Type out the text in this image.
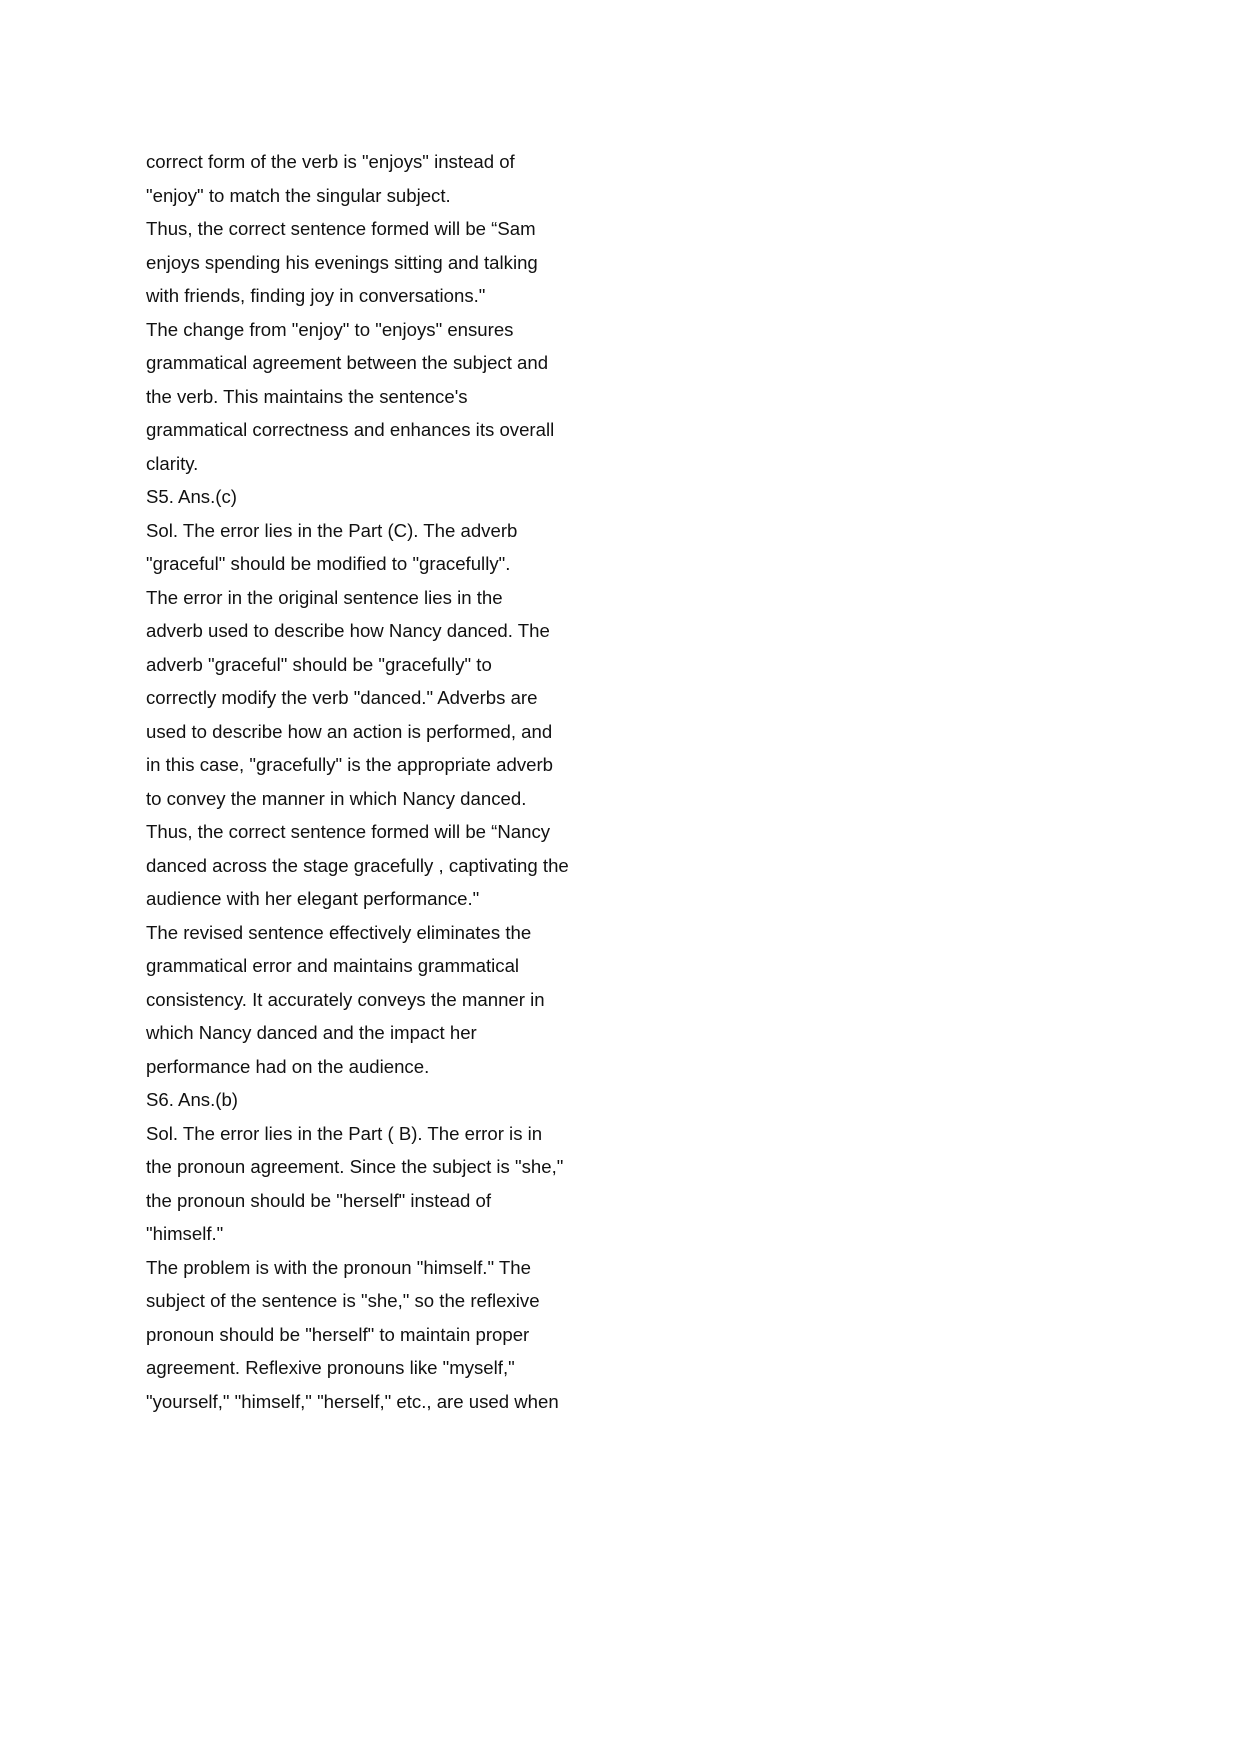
correct form of the verb is "enjoys" instead of
"enjoy" to match the singular subject.
Thus, the correct sentence formed will be “Sam
enjoys spending his evenings sitting and talking
with friends, finding joy in conversations."
The change from "enjoy" to "enjoys" ensures
grammatical agreement between the subject and
the verb. This maintains the sentence's
grammatical correctness and enhances its overall
clarity.
S5. Ans.(c)
Sol. The error lies in the Part (C). The adverb
"graceful" should be modified to "gracefully".
The error in the original sentence lies in the
adverb used to describe how Nancy danced. The
adverb "graceful" should be "gracefully" to
correctly modify the verb "danced." Adverbs are
used to describe how an action is performed, and
in this case, "gracefully" is the appropriate adverb
to convey the manner in which Nancy danced.
Thus, the correct sentence formed will be “Nancy
danced across the stage gracefully , captivating the
audience with her elegant performance."
The revised sentence effectively eliminates the
grammatical error and maintains grammatical
consistency. It accurately conveys the manner in
which Nancy danced and the impact her
performance had on the audience.
S6. Ans.(b)
Sol. The error lies in the Part ( B). The error is in
the pronoun agreement. Since the subject is "she,"
the pronoun should be "herself" instead of
"himself."
The problem is with the pronoun "himself." The
subject of the sentence is "she," so the reflexive
pronoun should be "herself" to maintain proper
agreement. Reflexive pronouns like "myself,"
"yourself," "himself," "herself," etc., are used when
